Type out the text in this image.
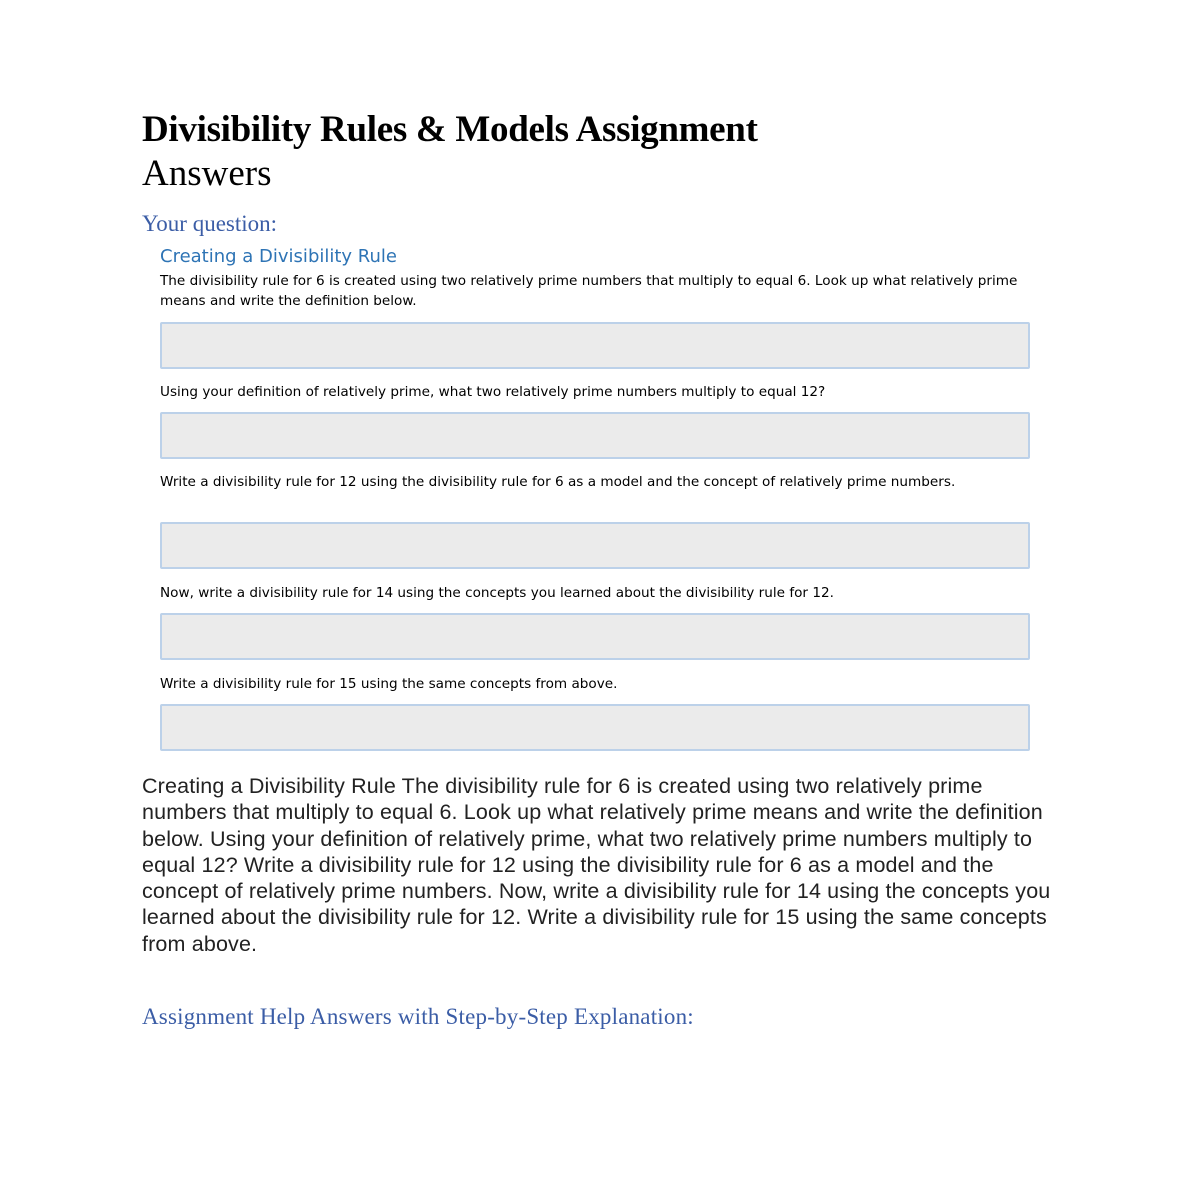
Divisibility Rules & Models Assignment
Answers
Your question:
Creating a Divisibility Rule

The divisibility rule for 6 is created using two relatively prime numbers that multiply to equal 6. Look up what relatively prime means and write the definition below.

Using your definition of relatively prime, what two relatively prime numbers multiply to equal 12?

Write a divisibility rule for 12 using the divisibility rule for 6 as a model and the concept of relatively prime numbers.

Now, write a divisibility rule for 14 using the concepts you learned about the divisibility rule for 12.

Write a divisibility rule for 15 using the same concepts from above.

Creating a Divisibility Rule The divisibility rule for 6 is created using two relatively prime numbers that multiply to equal 6. Look up what relatively prime means and write the definition below. Using your definition of relatively prime, what two relatively prime numbers multiply to equal 12? Write a divisibility rule for 12 using the divisibility rule for 6 as a model and the concept of relatively prime numbers. Now, write a divisibility rule for 14 using the concepts you learned about the divisibility rule for 12. Write a divisibility rule for 15 using the same concepts from above.

Assignment Help Answers with Step-by-Step Explanation:
